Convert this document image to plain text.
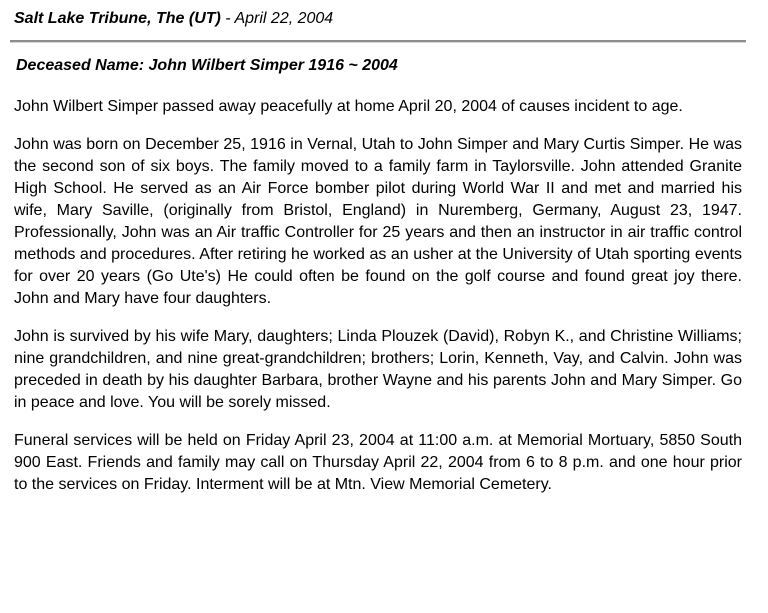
Salt Lake Tribune, The (UT) - April 22, 2004
Deceased Name: John Wilbert Simper 1916 ~ 2004

John Wilbert Simper passed away peacefully at home April 20, 2004 of causes incident to age.

John was born on December 25, 1916 in Vernal, Utah to John Simper and Mary Curtis Simper. He was the second son of six boys. The family moved to a family farm in Taylorsville. John attended Granite High School. He served as an Air Force bomber pilot during World War II and met and married his wife, Mary Saville, (originally from Bristol, England) in Nuremberg, Germany, August 23, 1947. Professionally, John was an Air traffic Controller for 25 years and then an instructor in air traffic control methods and procedures. After retiring he worked as an usher at the University of Utah sporting events for over 20 years (Go Ute's) He could often be found on the golf course and found great joy there. John and Mary have four daughters.

John is survived by his wife Mary, daughters; Linda Plouzek (David), Robyn K., and Christine Williams; nine grandchildren, and nine great-grandchildren; brothers; Lorin, Kenneth, Vay, and Calvin. John was preceded in death by his daughter Barbara, brother Wayne and his parents John and Mary Simper. Go in peace and love. You will be sorely missed.

Funeral services will be held on Friday April 23, 2004 at 11:00 a.m. at Memorial Mortuary, 5850 South 900 East. Friends and family may call on Thursday April 22, 2004 from 6 to 8 p.m. and one hour prior to the services on Friday. Interment will be at Mtn. View Memorial Cemetery.
